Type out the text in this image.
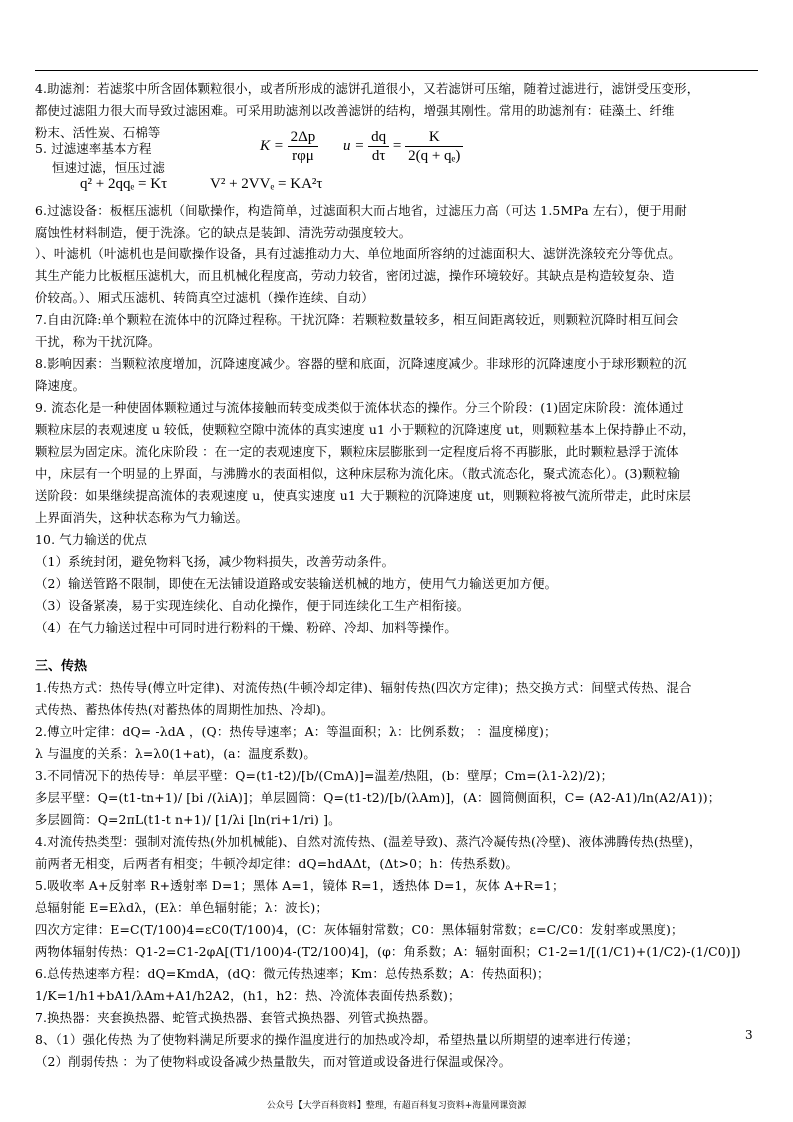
4.助滤剂：若滤浆中所含固体颗粒很小，或者所形成的滤饼孔道很小，又若滤饼可压缩，随着过滤进行，滤饼受压变形，
都使过滤阻力很大而导致过滤困难。可采用助滤剂以改善滤饼的结构，增强其刚性。常用的助滤剂有：硅藻土、纤维
粉末、活性炭、石棉等
5. 过滤速率基本方程
恒速过滤，恒压过滤
$K = \frac{2\Delta p}{\text{rφμ}}$ $u = \frac{dq}{d\tau} = \frac{K}{\text{2(q + qₑ)}}$
q² + 2qqₑ = Kτ	V² + 2VVₑ = KA²τ
6.过滤设备：板框压滤机（间歇操作，构造简单，过滤面积大而占地省，过滤压力高（可达 1.5MPa 左右），便于用耐
腐蚀性材料制造，便于洗涤。它的缺点是装卸、清洗劳动强度较大。
）、叶滤机（叶滤机也是间歇操作设备，具有过滤推动力大、单位地面所容纳的过滤面积大、滤饼洗涤较充分等优点。
其生产能力比板框压滤机大，而且机械化程度高，劳动力较省，密闭过滤，操作环境较好。其缺点是构造较复杂、造
价较高。）、厢式压滤机、转筒真空过滤机（操作连续、自动）
7.自由沉降:单个颗粒在流体中的沉降过程称。干扰沉降：若颗粒数量较多，相互间距离较近，则颗粒沉降时相互间会
干扰，称为干扰沉降。
8.影响因素：当颗粒浓度增加，沉降速度减少。容器的壁和底面，沉降速度减少。非球形的沉降速度小于球形颗粒的沉
降速度。
9. 流态化是一种使固体颗粒通过与流体接触而转变成类似于流体状态的操作。分三个阶段：(1)固定床阶段：流体通过
颗粒床层的表观速度 u 较低，使颗粒空隙中流体的真实速度 u1 小于颗粒的沉降速度 ut，则颗粒基本上保持静止不动，
颗粒层为固定床。流化床阶段 ：在一定的表观速度下，颗粒床层膨胀到一定程度后将不再膨胀，此时颗粒悬浮于流体
中，床层有一个明显的上界面，与沸腾水的表面相似，这种床层称为流化床。（散式流态化，聚式流态化）。(3)颗粒输
送阶段：如果继续提高流体的表观速度 u，使真实速度 u1 大于颗粒的沉降速度 ut，则颗粒将被气流所带走，此时床层
上界面消失，这种状态称为气力输送。
10. 气力输送的优点
（1）系统封闭，避免物料飞扬，减少物料损失，改善劳动条件。
（2）输送管路不限制，即使在无法铺设道路或安装输送机械的地方，使用气力输送更加方便。
（3）设备紧凑，易于实现连续化、自动化操作，便于同连续化工生产相衔接。
（4）在气力输送过程中可同时进行粉料的干燥、粉碎、冷却、加料等操作。
三、传热
1.传热方式：热传导(傅立叶定律)、对流传热(牛顿冷却定律)、辐射传热(四次方定律)；热交换方式：间壁式传热、混合
式传热、蓄热体传热(对蓄热体的周期性加热、冷却)。
2.傅立叶定律：dQ= -λdA ，(Q：热传导速率；A：等温面积；λ：比例系数； ：温度梯度)；
λ 与温度的关系：λ=λ0(1+at)，(a：温度系数)。
3.不同情况下的热传导：单层平壁：Q=(t1-t2)/[b/(CmA)]=温差/热阻，(b：壁厚；Cm=(λ1-λ2)/2)；
多层平壁：Q=(t1-tn+1)/ [bi /(λiA)]；单层圆筒：Q=(t1-t2)/[b/(λAm)]，(A：圆筒侧面积，C= (A2-A1)/ln(A2/A1))；
多层圆筒：Q=2πL(t1-t n+1)/ [1/λi [ln(ri+1/ri) ]。
4.对流传热类型：强制对流传热(外加机械能)、自然对流传热、(温差导致)、蒸汽冷凝传热(冷壁)、液体沸腾传热(热壁)，
前两者无相变，后两者有相变；牛顿冷却定律：dQ=hdAΔt，(Δt>0；h：传热系数)。
5.吸收率 A+反射率 R+透射率 D=1；黑体 A=1，镜体 R=1，透热体 D=1，灰体 A+R=1；
总辐射能 E=Eλdλ，(Eλ：单色辐射能；λ：波长)；
四次方定律：E=C(T/100)4=εC0(T/100)4，(C：灰体辐射常数；C0：黑体辐射常数；ε=C/C0：发射率或黑度)；
两物体辐射传热：Q1-2=C1-2φA[(T1/100)4-(T2/100)4]，(φ：角系数；A：辐射面积；C1-2=1/[(1/C1)+(1/C2)-(1/C0)])
6.总传热速率方程：dQ=KmdA，(dQ：微元传热速率；Km：总传热系数；A：传热面积)；
1/K=1/h1+bA1/λAm+A1/h2A2，(h1，h2：热、冷流体表面传热系数)；
7.换热器：夹套换热器、蛇管式换热器、套管式换热器、列管式换热器。
8、（1）强化传热 为了使物料满足所要求的操作温度进行的加热或冷却，希望热量以所期望的速率进行传递；
（2）削弱传热 ：为了使物料或设备减少热量散失，而对管道或设备进行保温或保冷。
3
公众号【大学百科资料】整理，有超百科复习资料+海量网课资源
